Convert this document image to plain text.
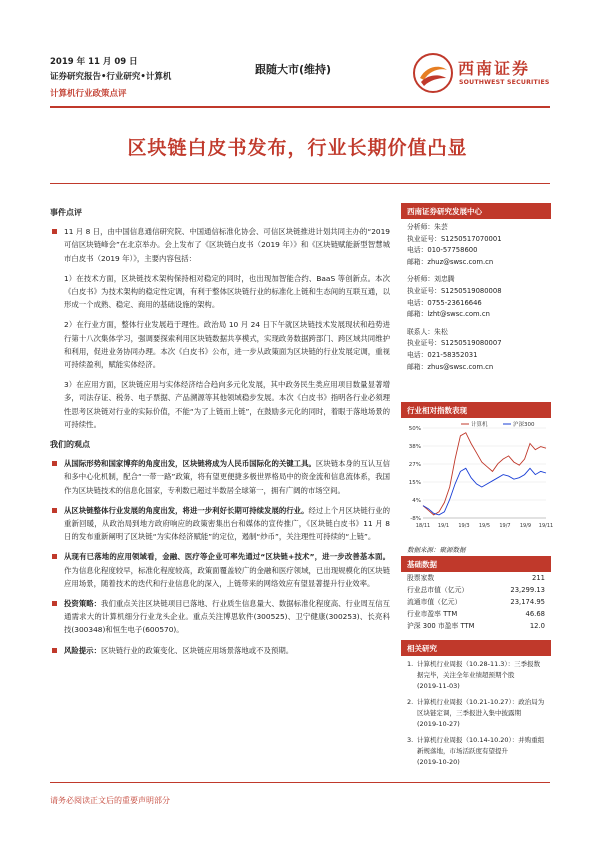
2019 年 11 月 09 日
证券研究报告•行业研究•计算机
计算机行业政策点评
跟随大市(维持)	西南证券
SOUTHWEST SECURITIES
区块链白皮书发布，行业长期价值凸显
事件点评
11 月 8 日，由中国信息通信研究院、中国通信标准化协会、可信区块链推进计划共同主办的“2019 可信区块链峰会”在北京举办。会上发布了《区块链白皮书（2019 年）》和《区块链赋能新型智慧城市白皮书（2019 年）》，主要内容包括：
1）在技术方面，区块链技术架构保持相对稳定的同时，也出现加智能合约、BaaS 等创新点。本次《白皮书》为技术架构的稳定性定调，有利于整体区块链行业的标准化上链和生态间的互联互通，以形成一个成熟、稳定、商用的基础设施的架构。
2）在行业方面，整体行业发展趋于理性。政治局 10 月 24 日下午就区块链技术发展现状和趋势进行第十八次集体学习，强调要探索利用区块链数据共享模式，实现政务数据跨部门、跨区域共同维护和利用，促进业务协同办理。本次《白皮书》公布，进一步从政策面为区块链的行业发展定调，重视可持续盈利，赋能实体经济。
3）在应用方面，区块链应用与实体经济结合趋向多元化发展，其中政务民生类应用项目数量显著增多，司法存证、税务、电子票据、产品溯源等其他领域稳步发展。本次《白皮书》指明各行业必须理性思考区块链对行业的实际价值，不能“为了上链而上链”，在鼓励多元化的同时，着眼于落地场景的可持续性。
我们的观点
从国际形势和国家博弈的角度出发，区块链将成为人民币国际化的关键工具。区块链本身的互认互信和多中心化机制，配合“一带一路”政策，将有望更便捷多极世界格局中的资金流和信息流体系，我国作为区块链技术的信息化国家，专利数已超过半数居全球第一，拥有广阔的市场空间。
从区块链整体行业发展的角度出发，将进一步利好长期可持续发展的行业。经过上个月区块链行业的重新回暖，从政治局到地方政府响应的政策密集出台和媒体的宣传推广，《区块链白皮书》11 月 8 日的发布重新阐明了区块链“为实体经济赋能”的定位，遏制“炒币”，关注理性可持续的“上链”。
从现有已落地的应用领域看，金融、医疗等企业可率先通过“区块链+技术”，进一步改善基本面。作为信息化程度较早，标准化程度较高，政策面覆盖较广的金融和医疗领域，已出现规模化的区块链应用场景，随着技术的迭代和行业信息化的深入，上链带来的网络效应有望显著提升行业效率。
投资策略：我们重点关注区块链项目已落地、行业质生信息量大、数据标准化程度高、行业周互信互通需求大的计算机细分行业龙头企业。重点关注博思软件(300525)、卫宁健康(300253)、长亮科技(300348)和恒生电子(600570)。
风险提示：区块链行业的政策变化、区块链应用场景落地或不及预期。
西南证券研究发展中心
分析师：朱芸
执业证号：S1250517070001
电话：010-57758600
邮箱：zhuz@swsc.com.cn
分析师：刘忠腾
执业证号：S1250519080008
电话：0755-23616646
邮箱：lzht@swsc.com.cn
联系人：朱松
执业证号：S1250519080007
电话：021-58352031
邮箱：zhus@swsc.com.cn
行业相对指数表现
-8%
4%
15%
27%
38%
50%
18/11 19/1 19/3 19/5 19/7 19/9 19/11
计算机	沪深300
数据来源：聚源数据
基础数据
股票家数	211
行业总市值（亿元）	23,299.13
流通市值（亿元）	23,174.95
行业市盈率 TTM	46.68
沪深 300 市盈率 TTM	12.0
相关研究
1. 计算机行业周报（10.28-11.3）：三季报数据完毕，关注全年业绩超预期个股
(2019-11-03)
2. 计算机行业周报（10.21-10.27）：政治局为区块链定调，三季报进入集中披露期
(2019-10-27)
3. 计算机行业周报（10.14-10.20）：并购重组新规落地，市场活跃度有望提升
(2019-10-20)
请务必阅读正文后的重要声明部分
